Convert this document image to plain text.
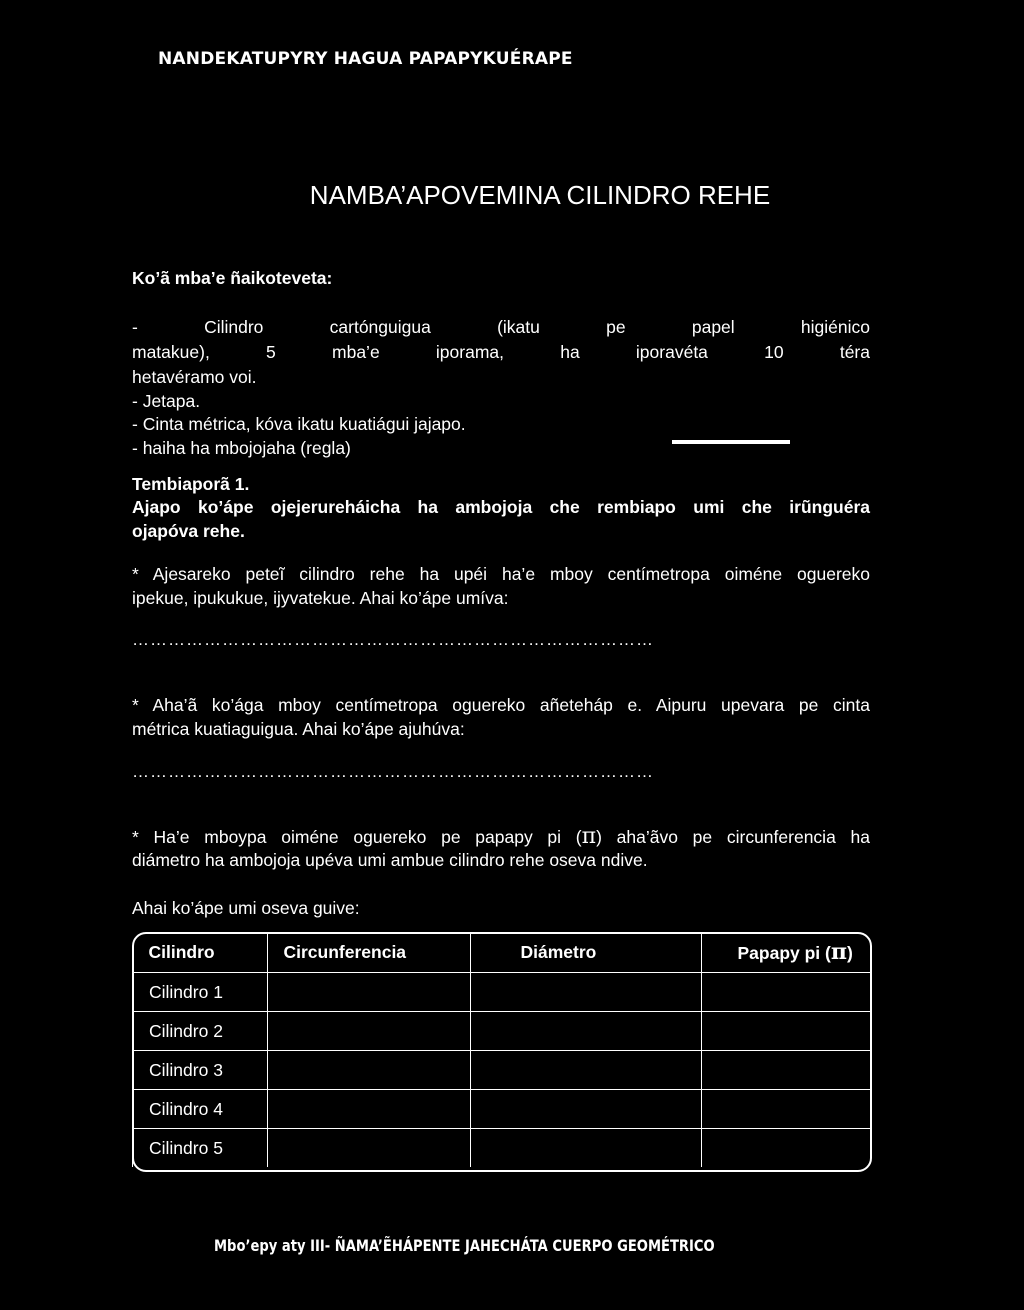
NANDEKATUPYRY HAGUA PAPAPYKUÉRAPE
NAMBA’APOVEMINA CILINDRO REHE
Ko’ã mba’e ñaikoteveta:
- Cilindro cartónguigua (ikatu pe papel higiénico
matakue), 5 mba’e iporama, ha iporavéta 10 téra
hetavéramo voi.
- Jetapa.
- Cinta métrica, kóva ikatu kuatiágui jajapo.
- haiha ha mbojojaha (regla)
Tembiaporã 1.
Ajapo ko’ápe ojejerureháicha ha ambojoja che rembiapo umi che irũnguéra
ojapóva rehe.
* Ajesareko peteĩ cilindro rehe ha upéi ha’e mboy centímetropa oiméne oguereko
ipekue, ipukukue, ijyvatekue. Ahai ko’ápe umíva:
……………………………………………………………………………
* Aha’ã ko’ága mboy centímetropa oguereko añeteháp e. Aipuru upevara pe cinta
métrica kuatiaguigua. Ahai ko’ápe ajuhúva:
……………………………………………………………………………
* Ha’e mboypa oiméne oguereko pe papapy pi (π) aha’ãvo pe circunferencia ha
diámetro ha ambojoja upéva umi ambue cilindro rehe oseva ndive.
Ahai ko’ápe umi oseva guive:
Cilindro	Circunferencia	Diámetro	Papapy pi (π)
Cilindro 1			
Cilindro 2			
Cilindro 3			
Cilindro 4			
Cilindro 5			
Mbo’epy aty III- ÑAMA’ẼHÁPENTE JAHECHÁTA CUERPO GEOMÉTRICO
